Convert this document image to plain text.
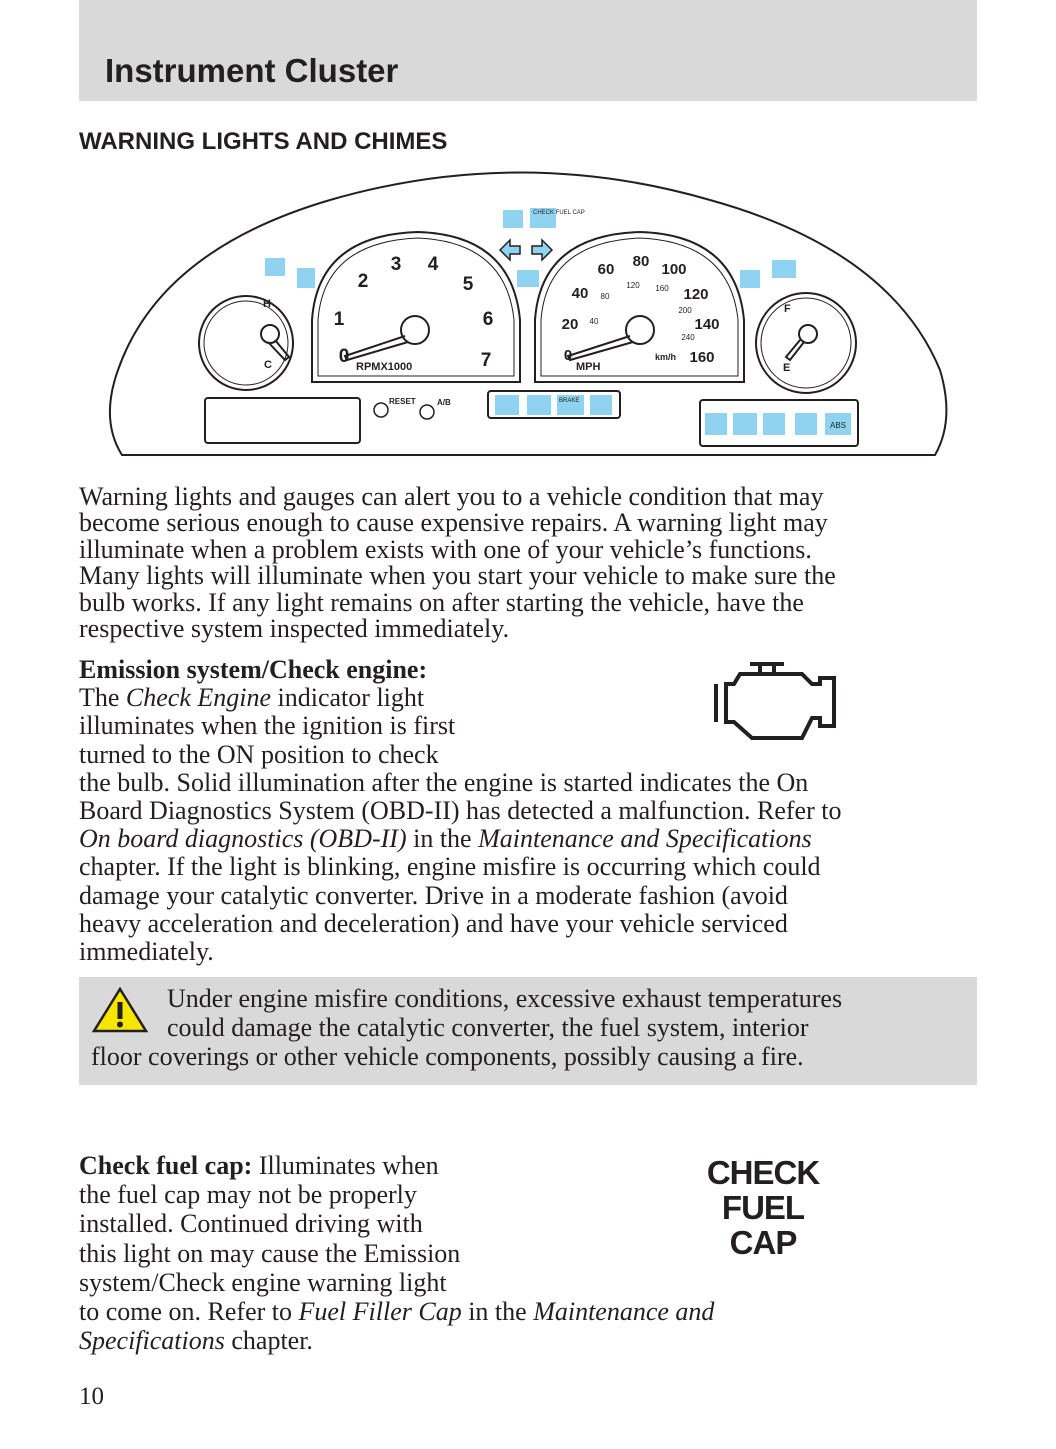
Instrument Cluster
WARNING LIGHTS AND CHIMES
CHECK FUEL CAP
BRAKE
ABS
0
1
2
3 4
5
6
7
RPMX1000
0
20
40
60 80 100
120
140
160
40
80
120 160
200
240
MPH
km/h
H
C
F
E
RESET	A/B
Warning lights and gauges can alert you to a vehicle condition that may
become serious enough to cause expensive repairs. A warning light may
illuminate when a problem exists with one of your vehicle’s functions.
Many lights will illuminate when you start your vehicle to make sure the
bulb works. If any light remains on after starting the vehicle, have the
respective system inspected immediately.
Emission system/Check engine:
The Check Engine indicator light
illuminates when the ignition is first
turned to the ON position to check
the bulb. Solid illumination after the engine is started indicates the On
Board Diagnostics System (OBD-II) has detected a malfunction. Refer to
On board diagnostics (OBD-II) in the Maintenance and Specifications
chapter. If the light is blinking, engine misfire is occurring which could
damage your catalytic converter. Drive in a moderate fashion (avoid
heavy acceleration and deceleration) and have your vehicle serviced
immediately.
Under engine misfire conditions, excessive exhaust temperatures
could damage the catalytic converter, the fuel system, interior
floor coverings or other vehicle components, possibly causing a fire.
Check fuel cap: Illuminates when
the fuel cap may not be properly
installed. Continued driving with
this light on may cause the Emission
system/Check engine warning light
to come on. Refer to Fuel Filler Cap in the Maintenance and
Specifications chapter.
CHECK
FUEL
CAP
10
